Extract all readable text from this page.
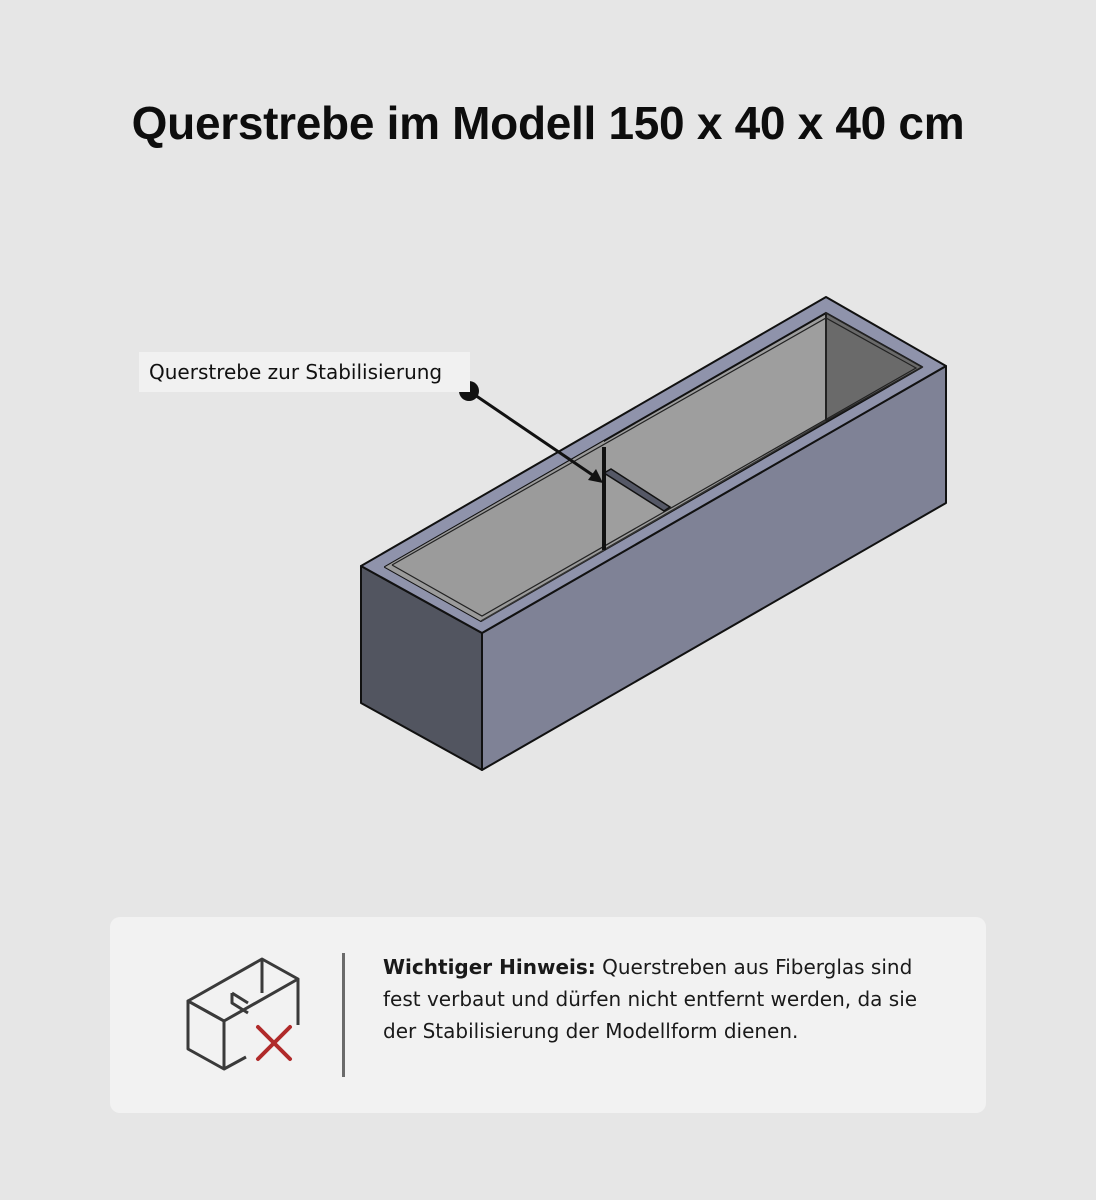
Querstrebe im Modell 150 x 40 x 40 cm
Querstrebe zur Stabilisierung
Wichtiger Hinweis: Querstreben aus Fiberglas sind fest verbaut und dürfen nicht entfernt werden, da sie der Stabilisierung der Modellform dienen.
